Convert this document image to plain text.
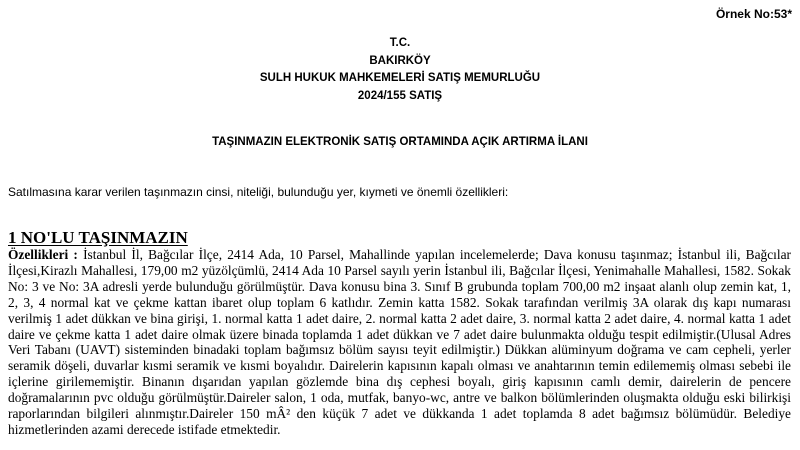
Örnek No:53*
T.C.
BAKIRKÖY
SULH HUKUK MAHKEMELERİ SATIŞ MEMURLUĞU
2024/155 SATIŞ
TAŞINMAZIN ELEKTRONİK SATIŞ ORTAMINDA AÇIK ARTIRMA İLANI
Satılmasına karar verilen taşınmazın cinsi, niteliği, bulunduğu yer, kıymeti ve önemli özellikleri:
1 NO'LU TAŞINMAZIN
Özellikleri : İstanbul İl, Bağcılar İlçe, 2414 Ada, 10 Parsel, Mahallinde yapılan incelemelerde; Dava konusu taşınmaz; İstanbul ili, Bağcılar İlçesi,Kirazlı Mahallesi, 179,00 m2 yüzölçümlü, 2414 Ada 10 Parsel sayılı yerin İstanbul ili, Bağcılar İlçesi, Yenimahalle Mahallesi, 1582. Sokak No: 3 ve No: 3A adresli yerde bulunduğu görülmüştür. Dava konusu bina 3. Sınıf B grubunda toplam 700,00 m2 inşaat alanlı olup zemin kat, 1, 2, 3, 4 normal kat ve çekme kattan ibaret olup toplam 6 katlıdır. Zemin katta 1582. Sokak tarafından verilmiş 3A olarak dış kapı numarası verilmiş 1 adet dükkan ve bina girişi, 1. normal katta 1 adet daire, 2. normal katta 2 adet daire, 3. normal katta 2 adet daire, 4. normal katta 1 adet daire ve çekme katta 1 adet daire olmak üzere binada toplamda 1 adet dükkan ve 7 adet daire bulunmakta olduğu tespit edilmiştir.(Ulusal Adres Veri Tabanı (UAVT) sisteminden binadaki toplam bağımsız bölüm sayısı teyit edilmiştir.) Dükkan alüminyum doğrama ve cam cepheli, yerler seramik döşeli, duvarlar kısmi seramik ve kısmi boyalıdır. Dairelerin kapısının kapalı olması ve anahtarının temin edilememiş olması sebebi ile içlerine girilememiştir. Binanın dışarıdan yapılan gözlemde bina dış cephesi boyalı, giriş kapısının camlı demir, dairelerin de pencere doğramalarının pvc olduğu görülmüştür.Daireler salon, 1 oda, mutfak, banyo-wc, antre ve balkon bölümlerinden oluşmakta olduğu eski bilirkişi raporlarından bilgileri alınmıştır.Daireler 150 mÂ² den küçük 7 adet ve dükkanda 1 adet toplamda 8 adet bağımsız bölümüdür. Belediye hizmetlerinden azami derecede istifade etmektedir.
